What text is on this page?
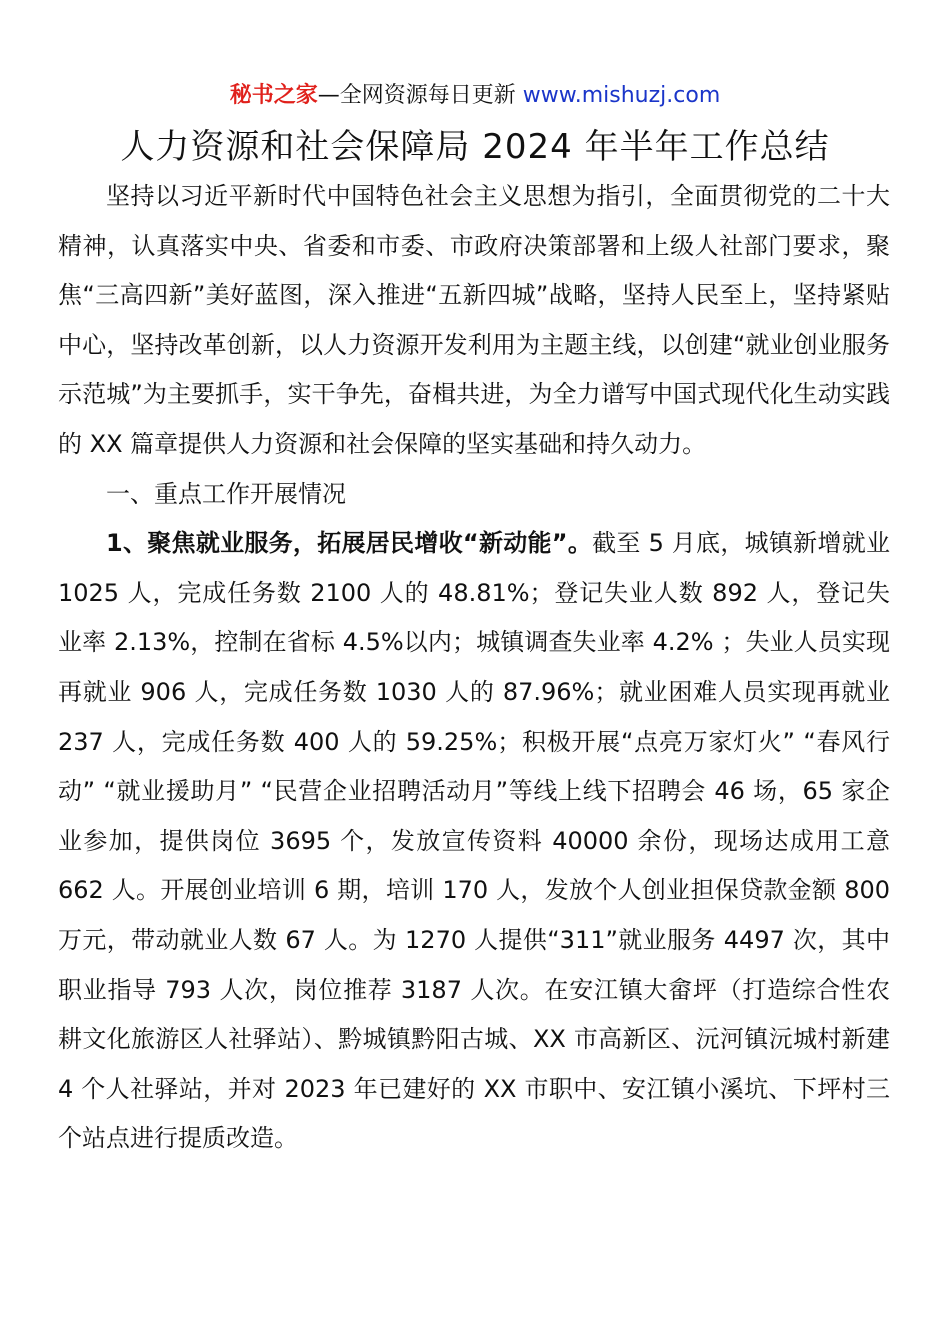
秘书之家—全网资源每日更新 www.mishuzj.com
人力资源和社会保障局 2024 年半年工作总结

坚持以习近平新时代中国特色社会主义思想为指引，全面贯彻党的二十大精神，认真落实中央、省委和市委、市政府决策部署和上级人社部门要求，聚焦“三高四新”美好蓝图，深入推进“五新四城”战略，坚持人民至上，坚持紧贴中心，坚持改革创新，以人力资源开发利用为主题主线，以创建“就业创业服务示范城”为主要抓手，实干争先，奋楫共进，为全力谱写中国式现代化生动实践的 XX 篇章提供人力资源和社会保障的坚实基础和持久动力。

一、重点工作开展情况

1、聚焦就业服务，拓展居民增收“新动能”。截至 5 月底，城镇新增就业 1025 人，完成任务数 2100 人的 48.81%；登记失业人数 892 人，登记失业率 2.13%，控制在省标 4.5%以内；城镇调查失业率 4.2% ；失业人员实现再就业 906 人，完成任务数 1030 人的 87.96%；就业困难人员实现再就业 237 人，完成任务数 400 人的 59.25%；积极开展“点亮万家灯火” “春风行动” “就业援助月” “民营企业招聘活动月”等线上线下招聘会 46 场，65 家企业参加，提供岗位 3695 个，发放宣传资料 40000 余份，现场达成用工意 662 人。开展创业培训 6 期，培训 170 人，发放个人创业担保贷款金额 800 万元，带动就业人数 67 人。为 1270 人提供“311”就业服务 4497 次，其中职业指导 793 人次，岗位推荐 3187 人次。在安江镇大畲坪（打造综合性农耕文化旅游区人社驿站）、黔城镇黔阳古城、XX 市高新区、沅河镇沅城村新建 4 个人社驿站，并对 2023 年已建好的 XX 市职中、安江镇小溪坑、下坪村三个站点进行提质改造。
